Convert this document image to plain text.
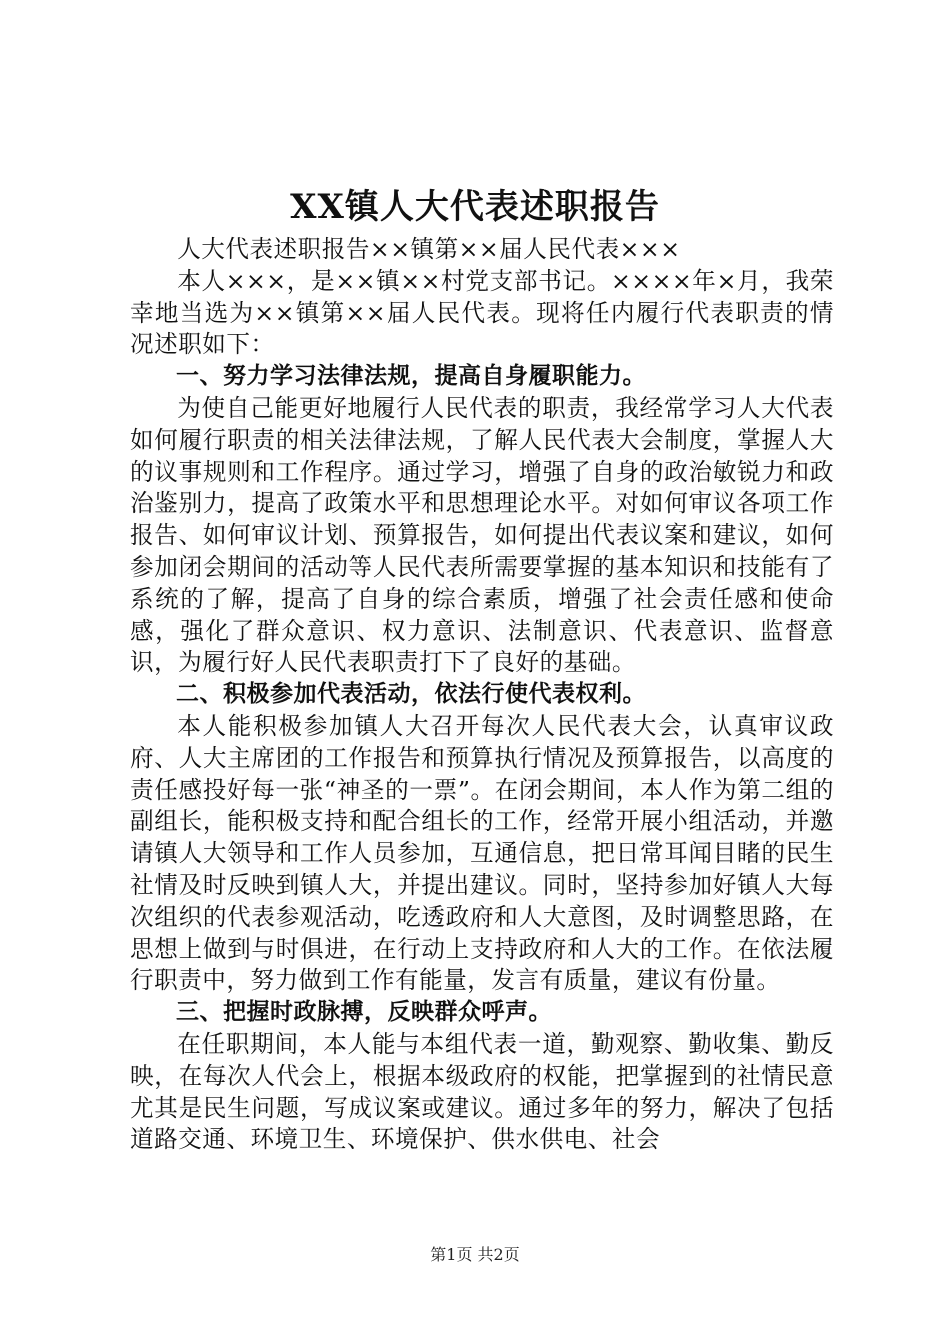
XX镇人大代表述职报告

人大代表述职报告××镇第××届人民代表×××

本人×××，是××镇××村党支部书记。××××年×月，我荣幸地当选为××镇第××届人民代表。现将任内履行代表职责的情况述职如下：

一、努力学习法律法规，提高自身履职能力。

为使自己能更好地履行人民代表的职责，我经常学习人大代表如何履行职责的相关法律法规，了解人民代表大会制度，掌握人大的议事规则和工作程序。通过学习，增强了自身的政治敏锐力和政治鉴别力，提高了政策水平和思想理论水平。对如何审议各项工作报告、如何审议计划、预算报告，如何提出代表议案和建议，如何参加闭会期间的活动等人民代表所需要掌握的基本知识和技能有了系统的了解，提高了自身的综合素质，增强了社会责任感和使命感，强化了群众意识、权力意识、法制意识、代表意识、监督意识，为履行好人民代表职责打下了良好的基础。

二、积极参加代表活动，依法行使代表权利。

本人能积极参加镇人大召开每次人民代表大会，认真审议政府、人大主席团的工作报告和预算执行情况及预算报告，以高度的责任感投好每一张“神圣的一票”。在闭会期间，本人作为第二组的副组长，能积极支持和配合组长的工作，经常开展小组活动，并邀请镇人大领导和工作人员参加，互通信息，把日常耳闻目睹的民生社情及时反映到镇人大，并提出建议。同时，坚持参加好镇人大每次组织的代表参观活动，吃透政府和人大意图，及时调整思路，在思想上做到与时俱进，在行动上支持政府和人大的工作。在依法履行职责中，努力做到工作有能量，发言有质量，建议有份量。

三、把握时政脉搏，反映群众呼声。

在任职期间，本人能与本组代表一道，勤观察、勤收集、勤反映，在每次人代会上，根据本级政府的权能，把掌握到的社情民意尤其是民生问题，写成议案或建议。通过多年的努力，解决了包括道路交通、环境卫生、环境保护、供水供电、社会

第1页 共2页
